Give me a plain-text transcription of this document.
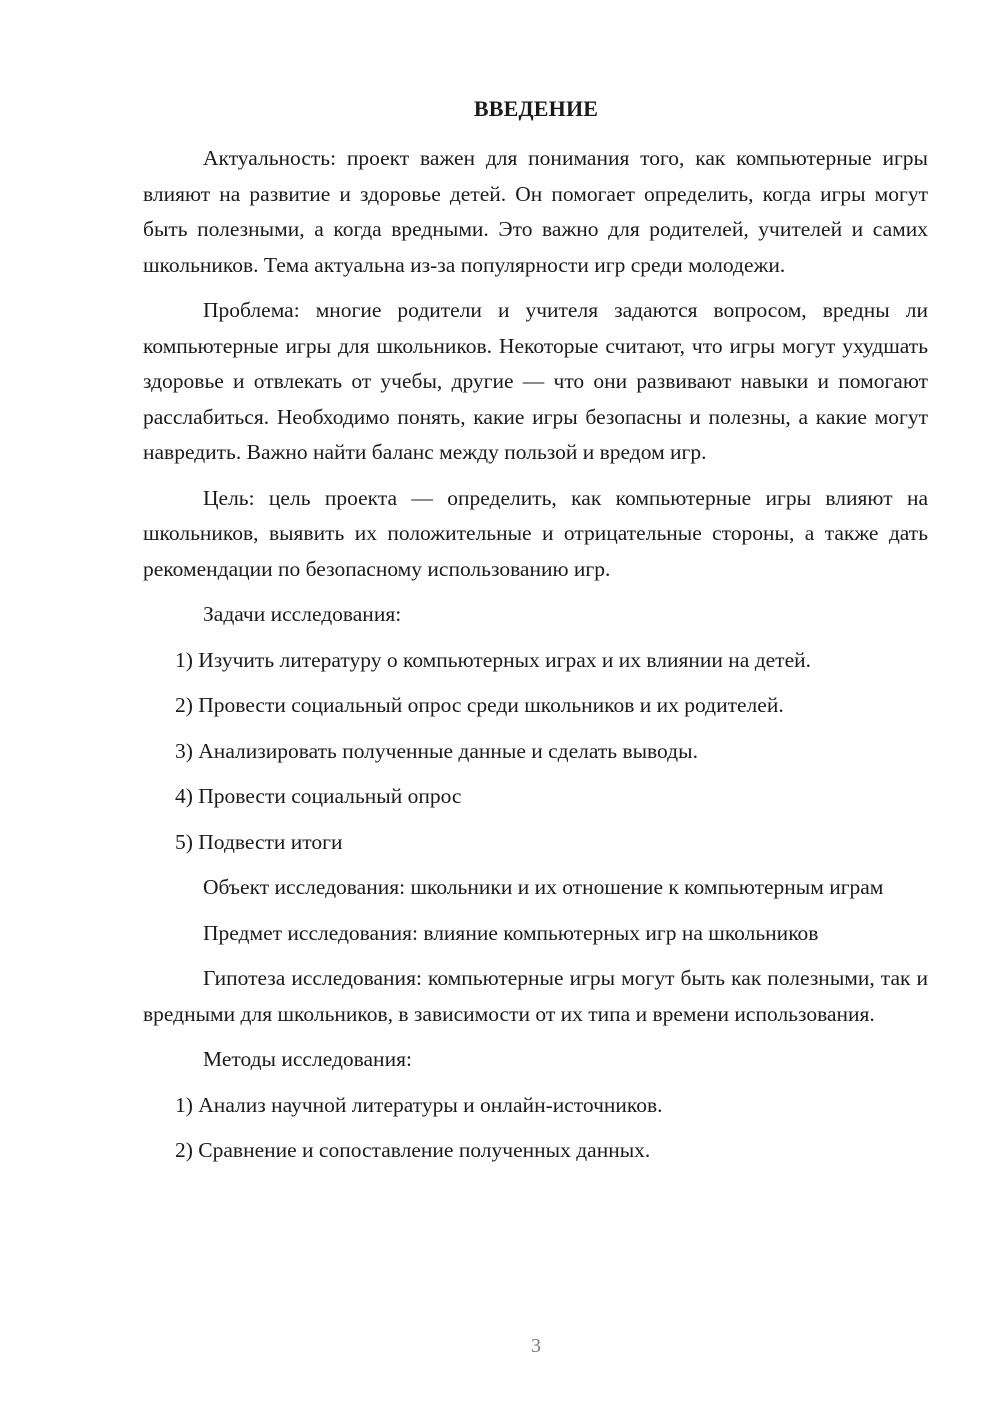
ВВЕДЕНИЕ

Актуальность: проект важен для понимания того, как компьютерные игры влияют на развитие и здоровье детей. Он помогает определить, когда игры могут быть полезными, а когда вредными. Это важно для родителей, учителей и самих школьников. Тема актуальна из-за популярности игр среди молодежи.

Проблема: многие родители и учителя задаются вопросом, вредны ли компьютерные игры для школьников. Некоторые считают, что игры могут ухудшать здоровье и отвлекать от учебы, другие — что они развивают навыки и помогают расслабиться. Необходимо понять, какие игры безопасны и полезны, а какие могут навредить. Важно найти баланс между пользой и вредом игр.

Цель: цель проекта — определить, как компьютерные игры влияют на школьников, выявить их положительные и отрицательные стороны, а также дать рекомендации по безопасному использованию игр.

Задачи исследования:

1) Изучить литературу о компьютерных играх и их влиянии на детей.

2) Провести социальный опрос среди школьников и их родителей.

3) Анализировать полученные данные и сделать выводы.

4) Провести социальный опрос

5) Подвести итоги

Объект исследования: школьники и их отношение к компьютерным играм

Предмет исследования: влияние компьютерных игр на школьников

Гипотеза исследования: компьютерные игры могут быть как полезными, так и вредными для школьников, в зависимости от их типа и времени использования.

Методы исследования:

1) Анализ научной литературы и онлайн-источников.

2) Сравнение и сопоставление полученных данных.

3
